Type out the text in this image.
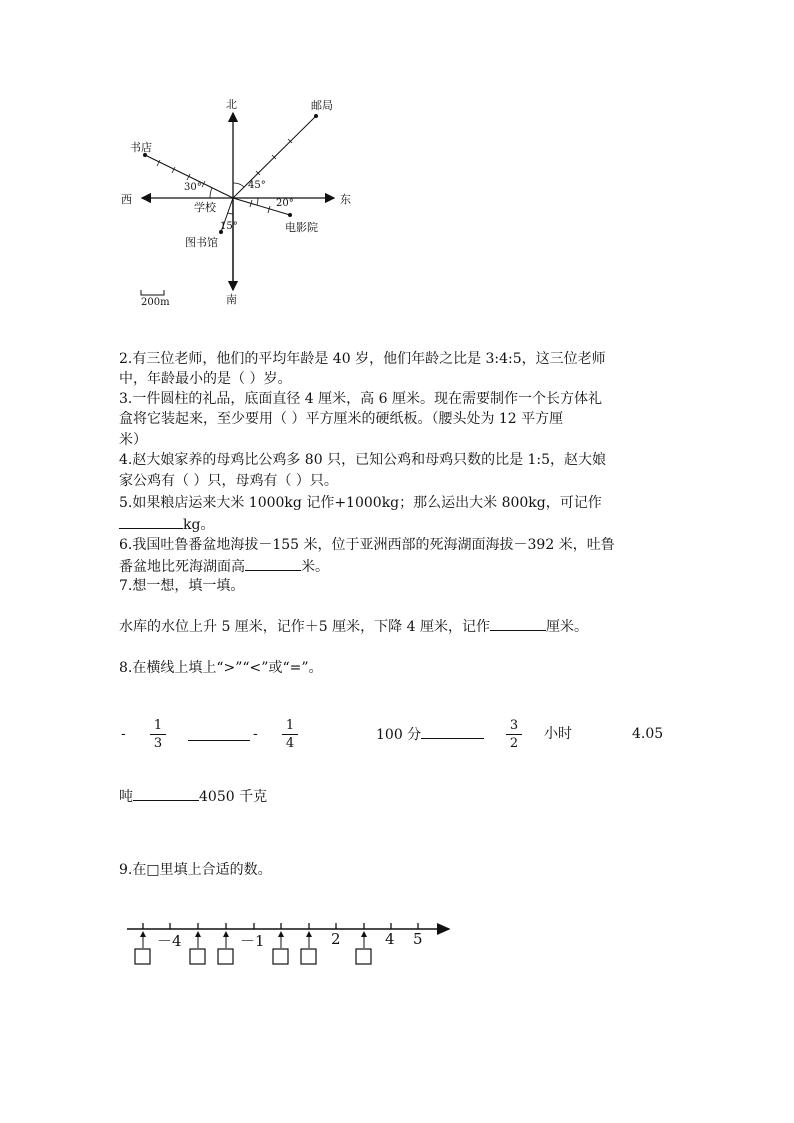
北
南
东
西
邮局
书店
学校
电影院
图书馆
30°	45°
20°
15°
200m
2.有三位老师，他们的平均年龄是 40 岁，他们年龄之比是 3:4:5，这三位老师
中，年龄最小的是（ ）岁。
3.一件圆柱的礼品，底面直径 4 厘米，高 6 厘米。现在需要制作一个长方体礼
盒将它装起来，至少要用（ ）平方厘米的硬纸板。（腰头处为 12 平方厘
米）
4.赵大娘家养的母鸡比公鸡多 80 只，已知公鸡和母鸡只数的比是 1:5，赵大娘
家公鸡有（ ）只，母鸡有（ ）只。
5.如果粮店运来大米 1000kg 记作+1000kg；那么运出大米 800kg，可记作
kg。
6.我国吐鲁番盆地海拔－155 米，位于亚洲西部的死海湖面海拔－392 米，吐鲁
番盆地比死海湖面高	米。
7.想一想，填一填。
水库的水位上升 5 厘米，记作＋5 厘米，下降 4 厘米，记作	厘米。
8.在横线上填上“>”“<”或“=”。
-
1
3
-
1
4
100 分
3
2
小时	4.05
吨	4050 千克
9.在□里填上合适的数。
－4	－1	2	4 5
